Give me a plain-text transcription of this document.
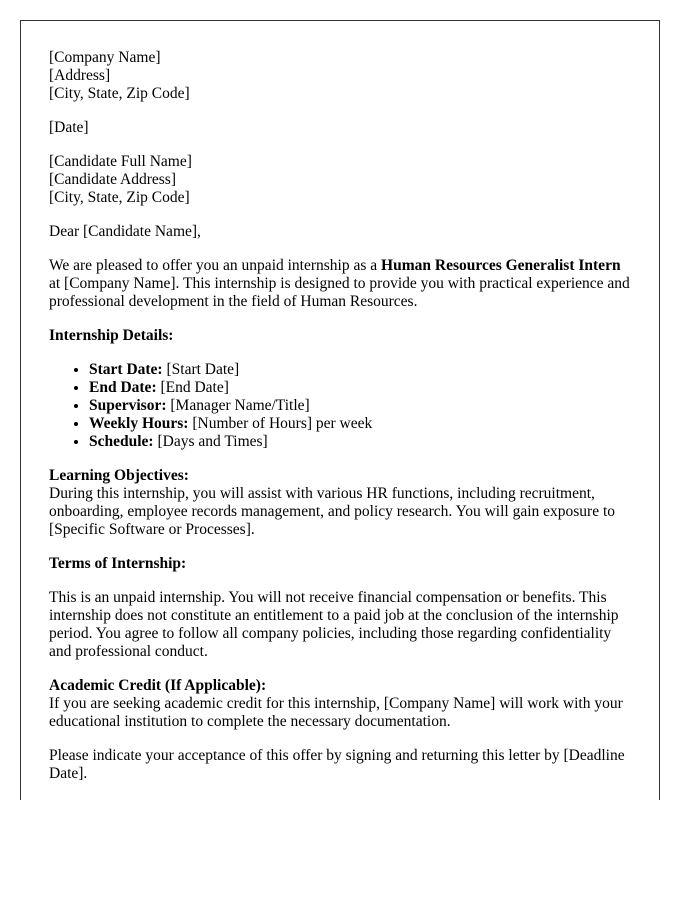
[Company Name]
[Address]
[City, State, Zip Code]
[Date]
[Candidate Full Name]
[Candidate Address]
[City, State, Zip Code]

Dear [Candidate Name],

We are pleased to offer you an unpaid internship as a Human Resources Generalist Intern at [Company Name]. This internship is designed to provide you with practical experience and professional development in the field of Human Resources.

Internship Details:

• Start Date: [Start Date]
• End Date: [End Date]
• Supervisor: [Manager Name/Title]
• Weekly Hours: [Number of Hours] per week
• Schedule: [Days and Times]

Learning Objectives:

During this internship, you will assist with various HR functions, including recruitment, onboarding, employee records management, and policy research. You will gain exposure to [Specific Software or Processes].

Terms of Internship:

This is an unpaid internship. You will not receive financial compensation or benefits. This internship does not constitute an entitlement to a paid job at the conclusion of the internship period. You agree to follow all company policies, including those regarding confidentiality and professional conduct.

Academic Credit (If Applicable):

If you are seeking academic credit for this internship, [Company Name] will work with your educational institution to complete the necessary documentation.

Please indicate your acceptance of this offer by signing and returning this letter by [Deadline Date].
